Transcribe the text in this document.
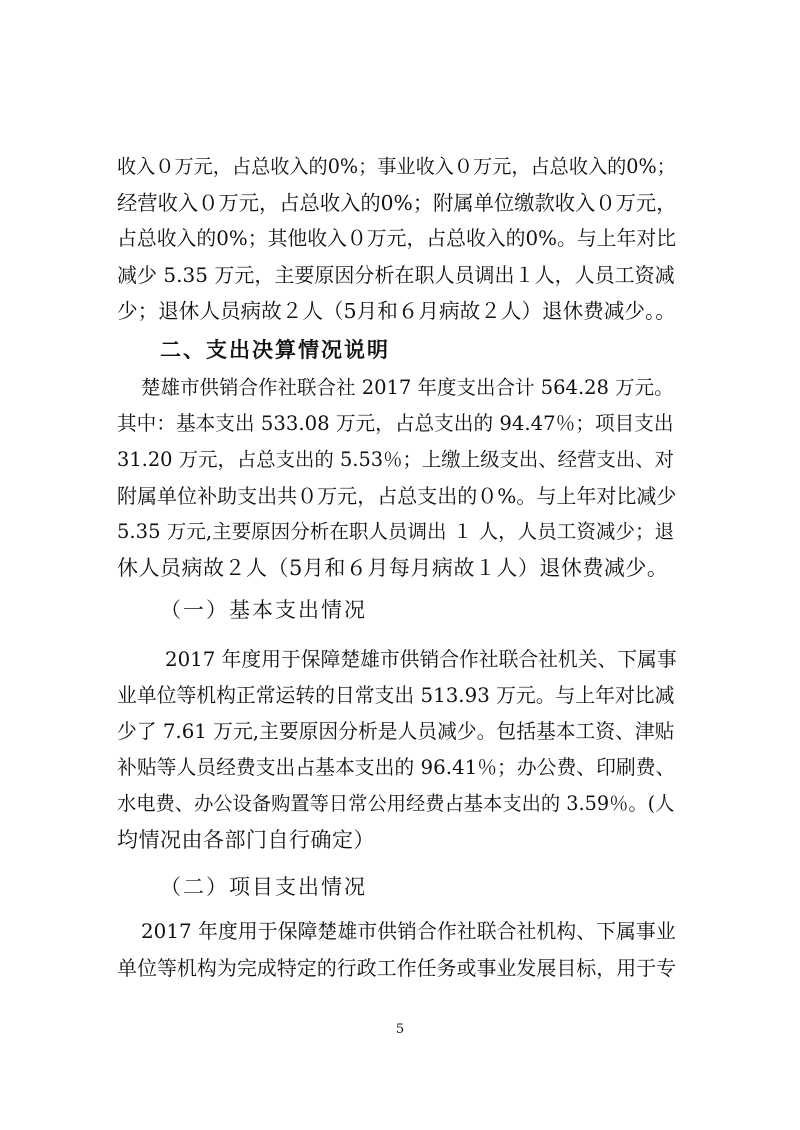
收入０万元，占总收入的0%；事业收入０万元，占总收入的0%；
经营收入０万元，占总收入的0%；附属单位缴款收入０万元，
占总收入的0%；其他收入０万元，占总收入的0%。与上年对比
减少 5.35 万元，主要原因分析在职人员调出１人，人员工资减
少；退休人员病故２人（5月和６月病故２人）退休费减少。。
二、支出决算情况说明
楚雄市供销合作社联合社 2017 年度支出合计 564.28 万元。
其中：基本支出 533.08 万元，占总支出的 94.47％；项目支出
31.20 万元，占总支出的 5.53％；上缴上级支出、经营支出、对
附属单位补助支出共０万元，占总支出的０%。与上年对比减少
5.35 万元,主要原因分析在职人员调出 １ 人，人员工资减少；退
休人员病故２人（5月和６月每月病故１人）退休费减少。
（一）基本支出情况
2017 年度用于保障楚雄市供销合作社联合社机关、下属事
业单位等机构正常运转的日常支出 513.93 万元。与上年对比减
少了 7.61 万元,主要原因分析是人员减少。包括基本工资、津贴
补贴等人员经费支出占基本支出的 96.41％；办公费、印刷费、
水电费、办公设备购置等日常公用经费占基本支出的 3.59％。(人
均情况由各部门自行确定）
（二）项目支出情况
2017 年度用于保障楚雄市供销合作社联合社机构、下属事业
单位等机构为完成特定的行政工作任务或事业发展目标，用于专
5
